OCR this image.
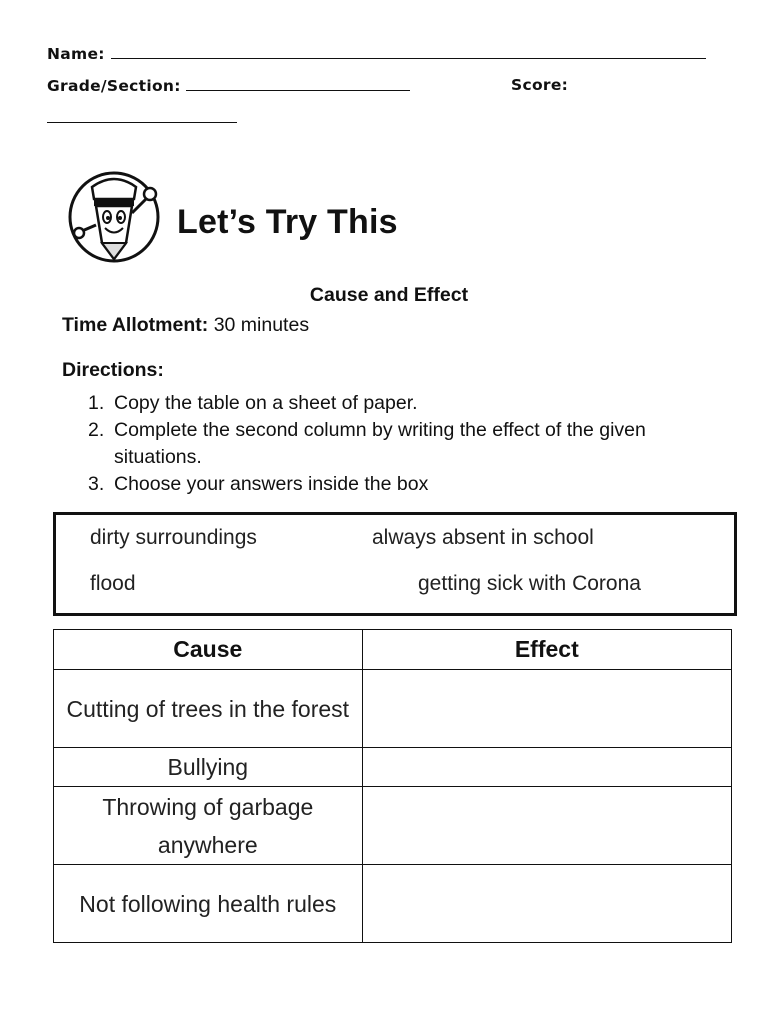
Name:
Grade/Section:	Score:
Let’s Try This
Cause and Effect
Time Allotment: 30 minutes
Directions:
1. Copy the table on a sheet of paper.
2. Complete the second column by writing the effect of the given situations.
3. Choose your answers inside the box
dirty surroundings	always absent in school
flood	getting sick with Corona
Cause	Effect
Cutting of trees in the forest	
Bullying	
Throwing of garbage anywhere	
Not following health rules	
